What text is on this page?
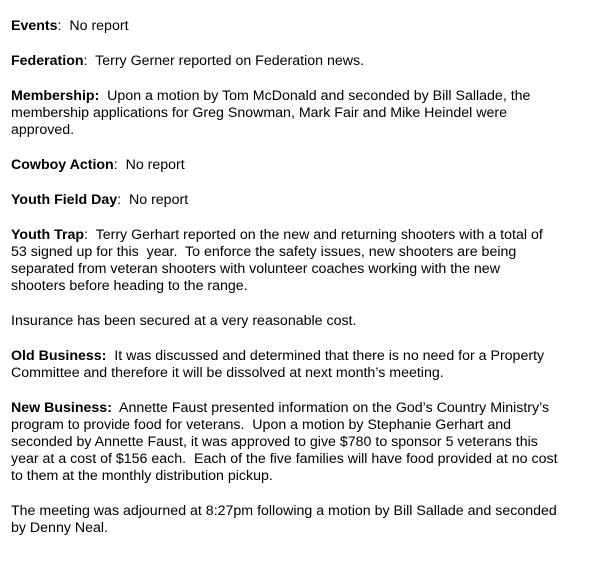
Events:  No report

Federation:  Terry Gerner reported on Federation news.

Membership:  Upon a motion by Tom McDonald and seconded by Bill Sallade, the
membership applications for Greg Snowman, Mark Fair and Mike Heindel were
approved.

Cowboy Action:  No report

Youth Field Day:  No report

Youth Trap:  Terry Gerhart reported on the new and returning shooters with a total of
53 signed up for this  year.  To enforce the safety issues, new shooters are being
separated from veteran shooters with volunteer coaches working with the new
shooters before heading to the range.

Insurance has been secured at a very reasonable cost.

Old Business:  It was discussed and determined that there is no need for a Property
Committee and therefore it will be dissolved at next month’s meeting.

New Business:  Annette Faust presented information on the God’s Country Ministry’s
program to provide food for veterans.  Upon a motion by Stephanie Gerhart and
seconded by Annette Faust, it was approved to give $780 to sponsor 5 veterans this
year at a cost of $156 each.  Each of the five families will have food provided at no cost
to them at the monthly distribution pickup.

The meeting was adjourned at 8:27pm following a motion by Bill Sallade and seconded
by Denny Neal.
